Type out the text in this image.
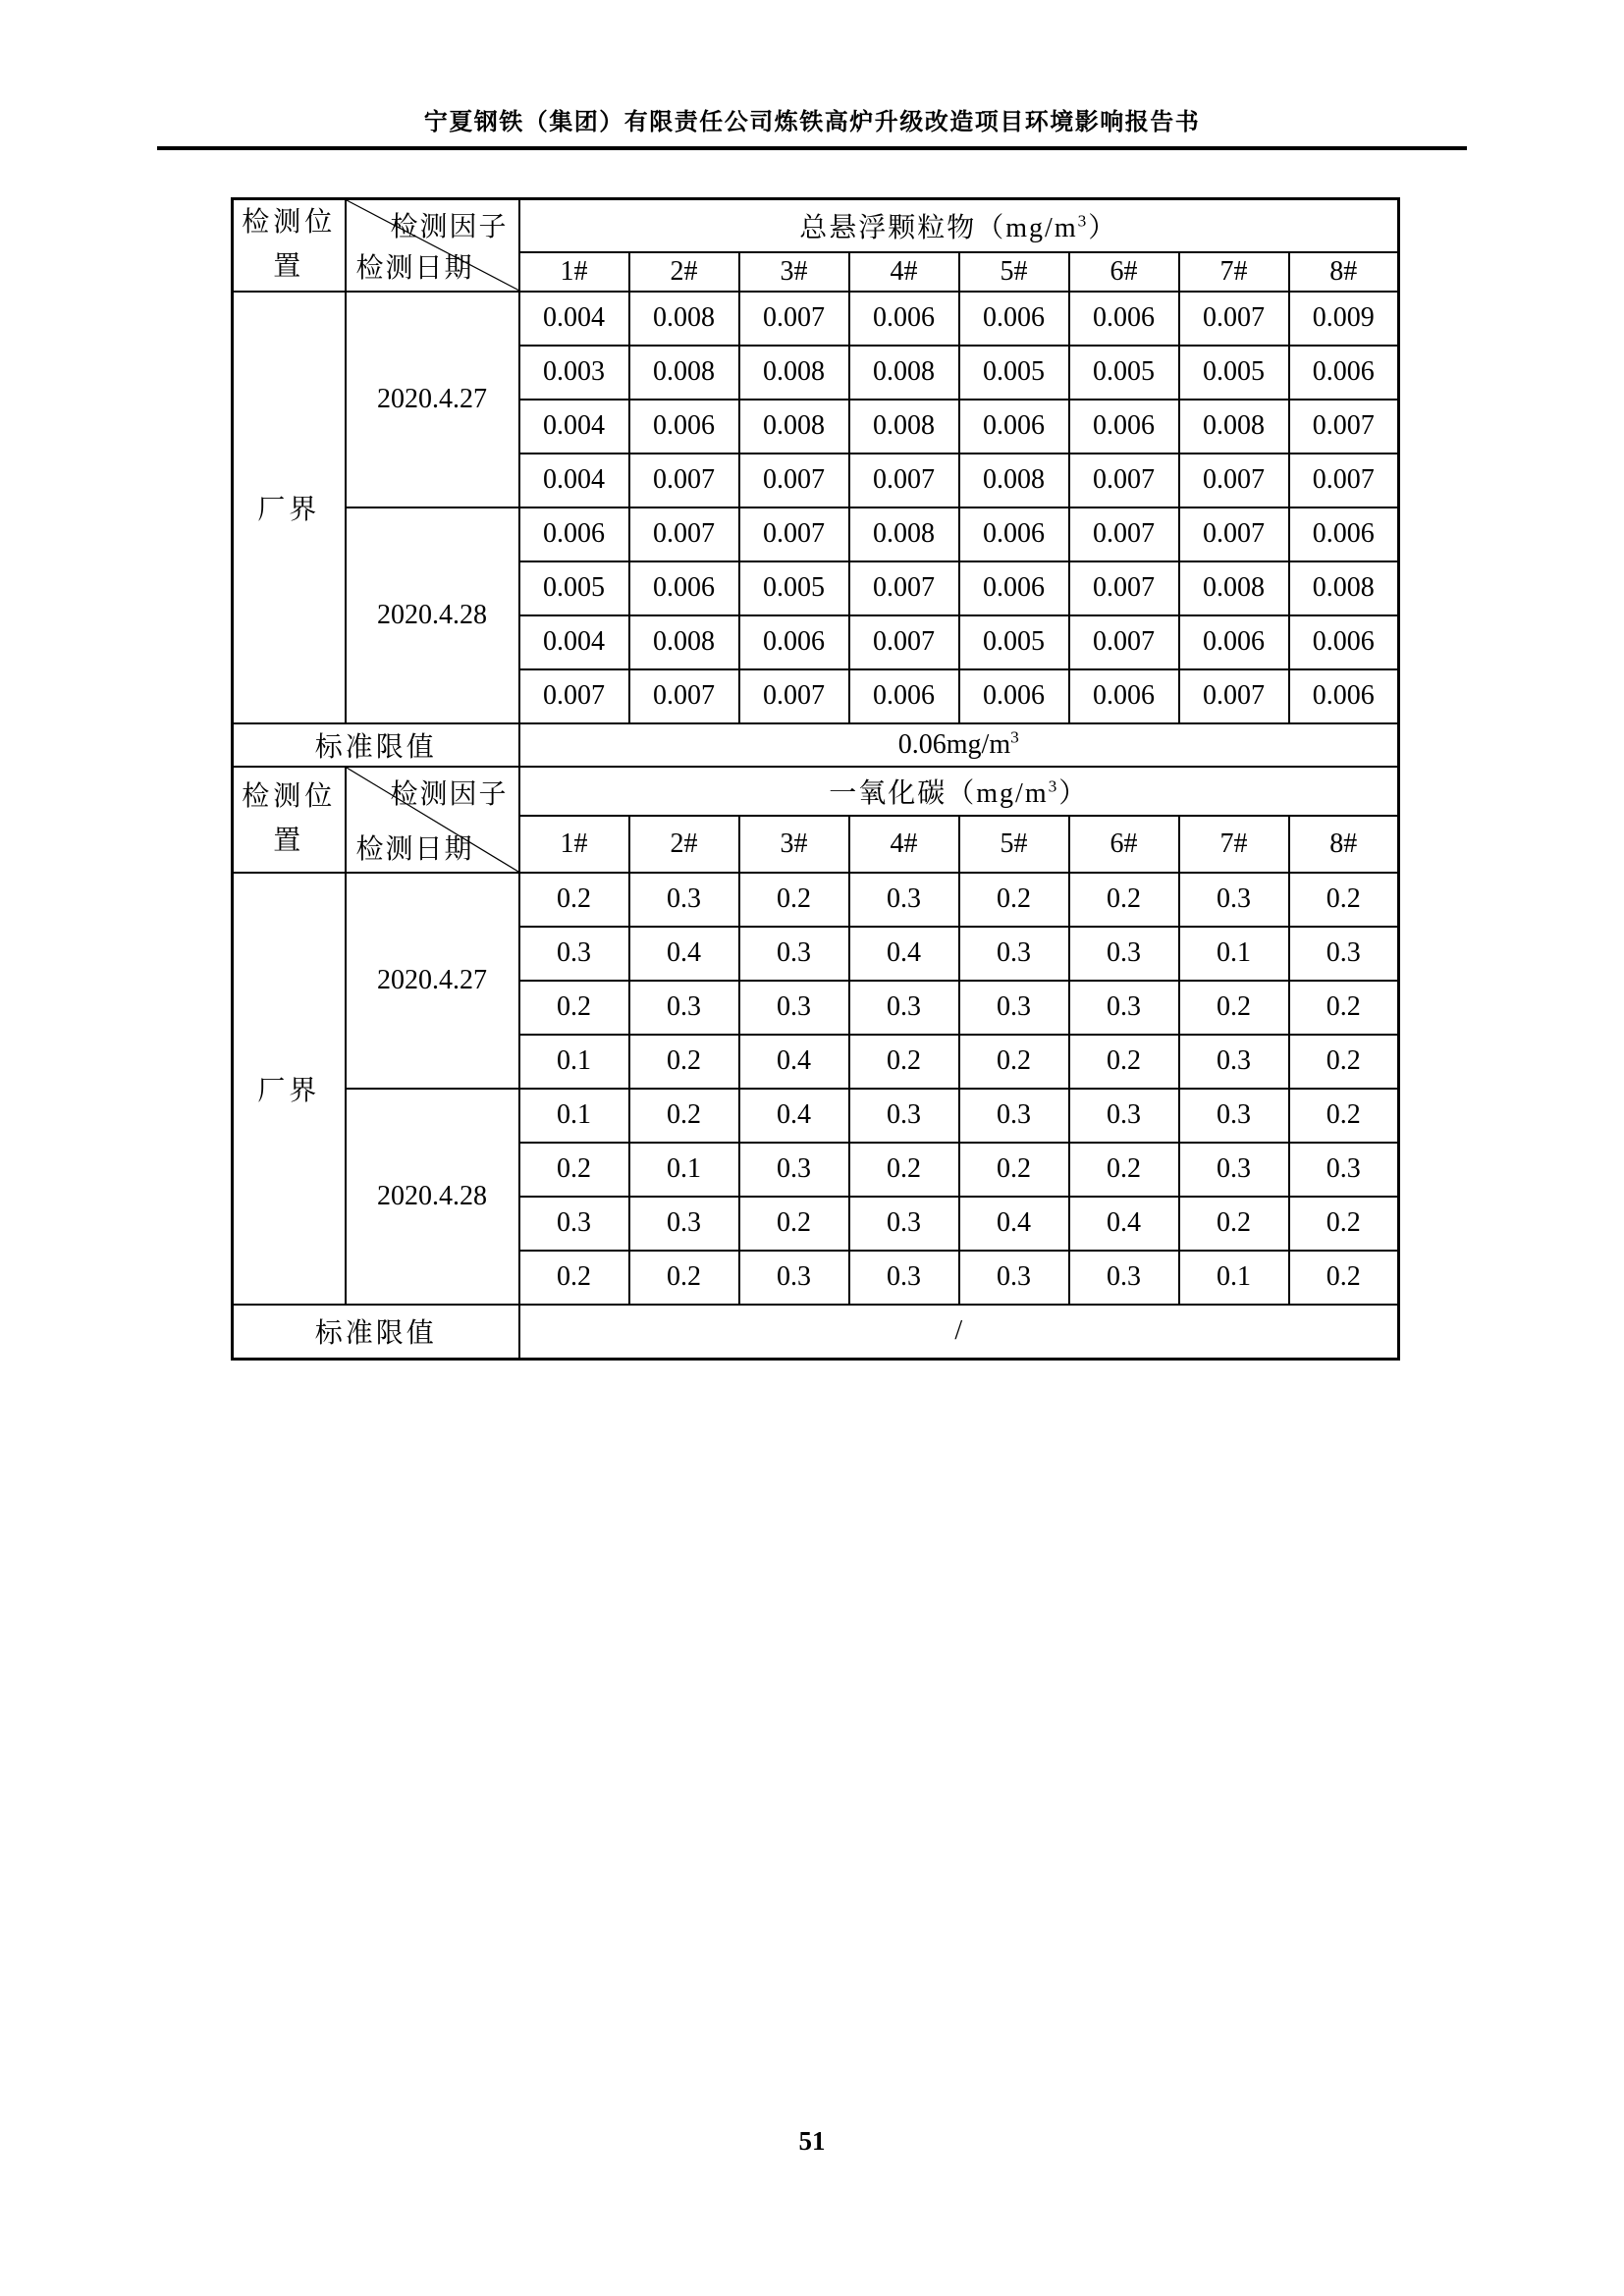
宁夏钢铁（集团）有限责任公司炼铁高炉升级改造项目环境影响报告书
检测位置	检测因子
检测日期	总悬浮颗粒物$(mg/m^3)$							
		1#	2#	3#	4#	5#	6#	7#	8#
厂界	2020.4.27	0.004	0.008	0.007	0.006	0.006	0.006	0.007	0.009
		0.003	0.008	0.008	0.008	0.005	0.005	0.005	0.006
		0.004	0.006	0.008	0.008	0.006	0.006	0.008	0.007
		0.004	0.007	0.007	0.007	0.008	0.007	0.007	0.007
	2020.4.28	0.006	0.007	0.007	0.008	0.006	0.007	0.007	0.006
		0.005	0.006	0.005	0.007	0.006	0.007	0.008	0.008
		0.004	0.008	0.006	0.007	0.005	0.007	0.006	0.006
		0.007	0.007	0.007	0.006	0.006	0.006	0.007	0.006
标准限值		$0.06mg/m^3$
检测位置	检测因子
检测日期	一氧化碳$(mg/m^3)$							
		1#	2#	3#	4#	5#	6#	7#	8#
厂界	2020.4.27	0.2	0.3	0.2	0.3	0.2	0.2	0.3	0.2
		0.3	0.4	0.3	0.4	0.3	0.3	0.1	0.3
		0.2	0.3	0.3	0.3	0.3	0.3	0.2	0.2
		0.1	0.2	0.4	0.2	0.2	0.2	0.3	0.2
	2020.4.28	0.1	0.2	0.4	0.3	0.3	0.3	0.3	0.2
		0.2	0.1	0.3	0.2	0.2	0.2	0.3	0.3
		0.3	0.3	0.2	0.3	0.4	0.4	0.2	0.2
		0.2	0.2	0.3	0.3	0.3	0.3	0.1	0.2
标准限值		/							
51
